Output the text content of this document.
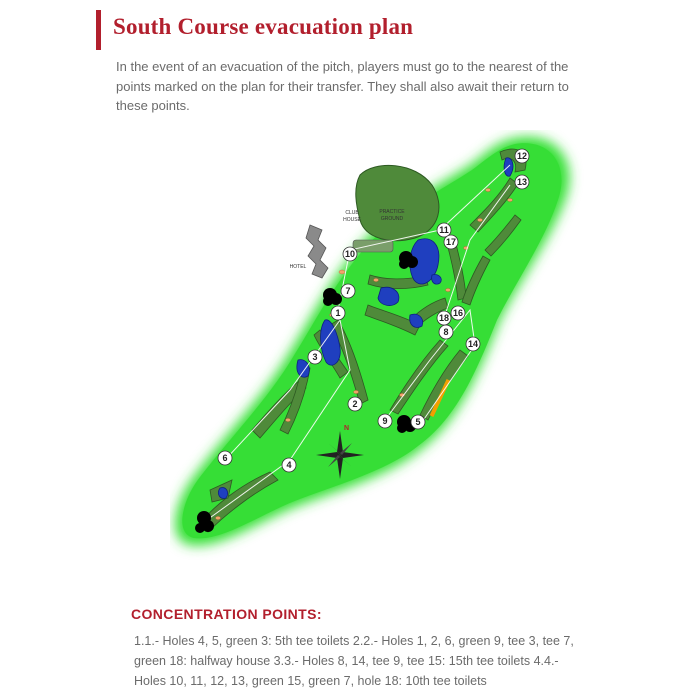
South Course evacuation plan

In the event of an evacuation of the pitch, players must go to the nearest of the points marked on the plan for their transfer. They shall also await their return to these points.

CLUB
HOUSE
PRACTICE
GROUND
HOTEL
N
1
2
3
4
5
6
7
8
9
10
11
12
13
14
16
17
18
CONCENTRATION POINTS:

1.1.- Holes 4, 5, green 3: 5th tee toilets 2.2.- Holes 1, 2, 6, green 9, tee 3, tee 7, green 18: halfway house 3.3.- Holes 8, 14, tee 9, tee 15: 15th tee toilets 4.4.- Holes 10, 11, 12, 13, green 15, green 7, hole 18: 10th tee toilets
